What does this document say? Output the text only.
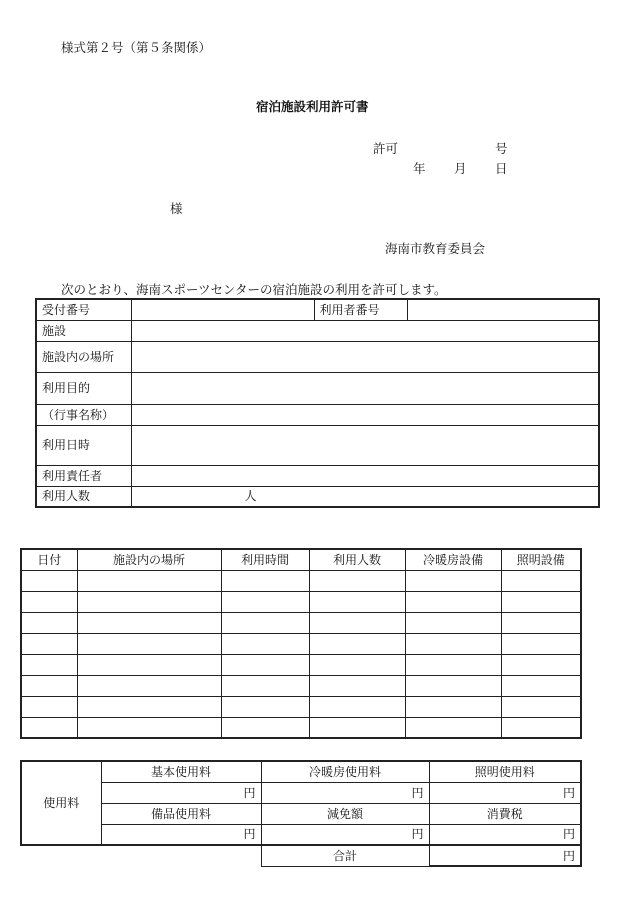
様式第２号（第５条関係）
宿泊施設利用許可書
許可	号
年 月 日
様
海南市教育委員会
次のとおり、海南スポーツセンターの宿泊施設の利用を許可します。
受付番号		利用者番号	
施設			
施設内の場所			
利用目的			
（行事名称）			
利用日時			
利用責任者			
利用人数	人		
日付	施設内の場所	利用時間	利用人数	冷暖房設備	照明設備

使用料	基本使用料	冷暖房使用料	照明使用料
	円	円	円
	備品使用料	減免額	消費税
	円	円	円
		合計	円
